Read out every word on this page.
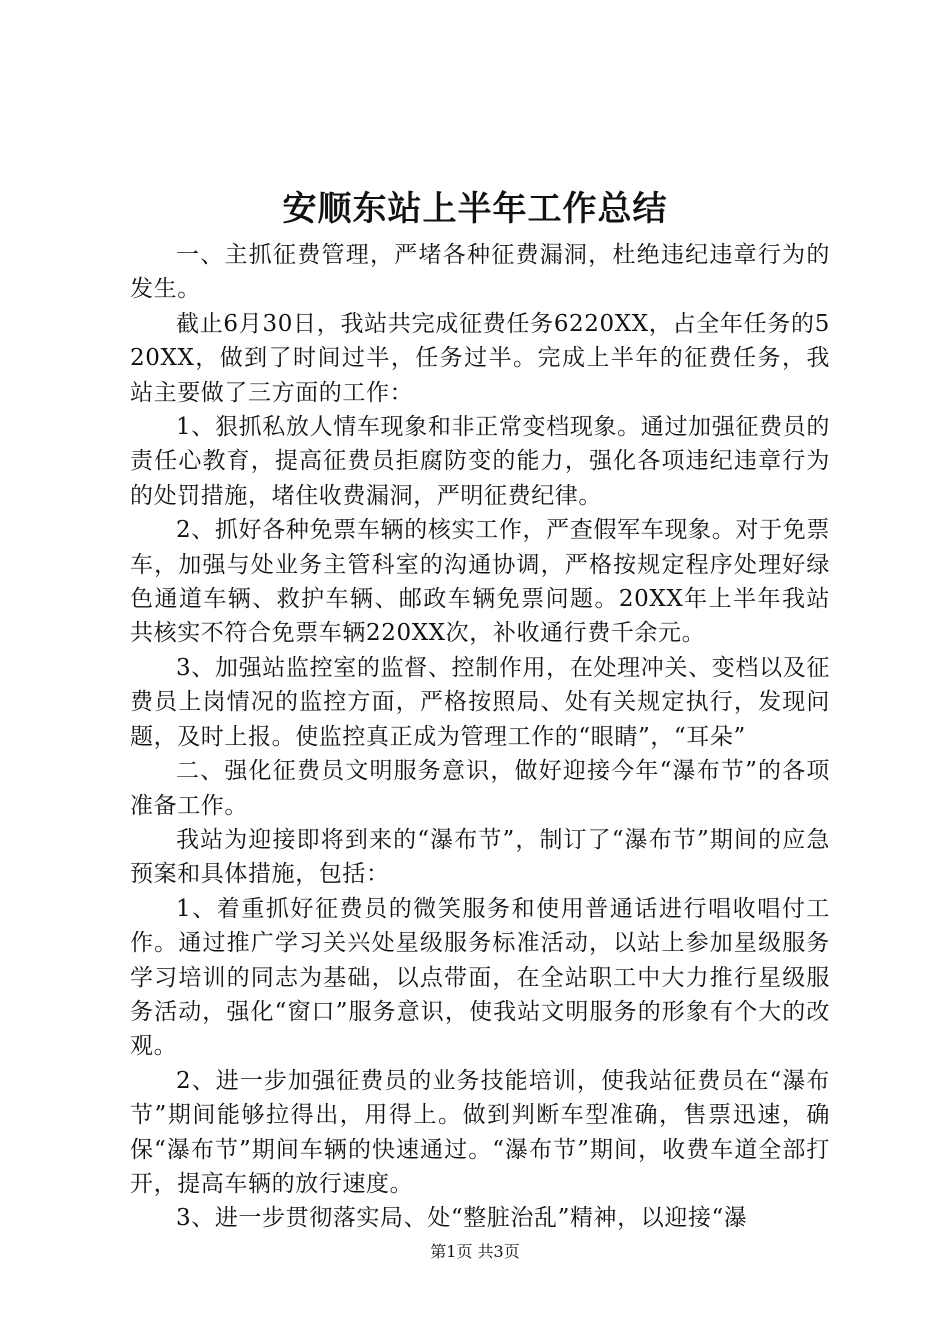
安顺东站上半年工作总结

一、主抓征费管理，严堵各种征费漏洞，杜绝违纪违章行为的发生。

截止6月30日，我站共完成征费任务6220XX，占全年任务的520XX，做到了时间过半，任务过半。完成上半年的征费任务，我站主要做了三方面的工作：

1、狠抓私放人情车现象和非正常变档现象。通过加强征费员的责任心教育，提高征费员拒腐防变的能力，强化各项违纪违章行为的处罚措施，堵住收费漏洞，严明征费纪律。

2、抓好各种免票车辆的核实工作，严查假军车现象。对于免票车，加强与处业务主管科室的沟通协调，严格按规定程序处理好绿色通道车辆、救护车辆、邮政车辆免票问题。20XX年上半年我站共核实不符合免票车辆220XX次，补收通行费千余元。

3、加强站监控室的监督、控制作用，在处理冲关、变档以及征费员上岗情况的监控方面，严格按照局、处有关规定执行，发现问题，及时上报。使监控真正成为管理工作的“眼睛”，“耳朵”

二、强化征费员文明服务意识，做好迎接今年“瀑布节”的各项准备工作。

我站为迎接即将到来的“瀑布节”，制订了“瀑布节”期间的应急预案和具体措施，包括：

1、着重抓好征费员的微笑服务和使用普通话进行唱收唱付工作。通过推广学习关兴处星级服务标准活动，以站上参加星级服务学习培训的同志为基础，以点带面，在全站职工中大力推行星级服务活动，强化“窗口”服务意识，使我站文明服务的形象有个大的改观。

2、进一步加强征费员的业务技能培训，使我站征费员在“瀑布节”期间能够拉得出，用得上。做到判断车型准确，售票迅速，确保“瀑布节”期间车辆的快速通过。“瀑布节”期间，收费车道全部打开，提高车辆的放行速度。

3、进一步贯彻落实局、处“整脏治乱”精神，以迎接“瀑

第1页 共3页
